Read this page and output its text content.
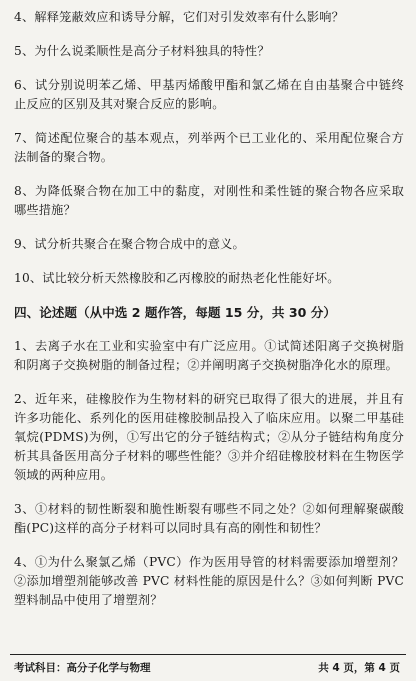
4、解释笼蔽效应和诱导分解，它们对引发效率有什么影响？

5、为什么说柔顺性是高分子材料独具的特性？

6、试分别说明苯乙烯、甲基丙烯酸甲酯和氯乙烯在自由基聚合中链终止反应的区别及其对聚合反应的影响。

7、简述配位聚合的基本观点，列举两个已工业化的、采用配位聚合方法制备的聚合物。

8、为降低聚合物在加工中的黏度，对刚性和柔性链的聚合物各应采取哪些措施？

9、试分析共聚合在聚合物合成中的意义。

10、试比较分析天然橡胶和乙丙橡胶的耐热老化性能好坏。

四、论述题（从中选 2 题作答，每题 15 分，共 30 分）

1、去离子水在工业和实验室中有广泛应用。①试简述阳离子交换树脂和阴离子交换树脂的制备过程；②并阐明离子交换树脂净化水的原理。

2、近年来，硅橡胶作为生物材料的研究已取得了很大的进展，并且有许多功能化、系列化的医用硅橡胶制品投入了临床应用。以聚二甲基硅氧烷(PDMS)为例，①写出它的分子链结构式；②从分子链结构角度分析其具备医用高分子材料的哪些性能？③并介绍硅橡胶材料在生物医学领域的两种应用。

3、①材料的韧性断裂和脆性断裂有哪些不同之处？②如何理解聚碳酸酯(PC)这样的高分子材料可以同时具有高的刚性和韧性？

4、①为什么聚氯乙烯（PVC）作为医用导管的材料需要添加增塑剂？②添加增塑剂能够改善 PVC 材料性能的原因是什么？③如何判断 PVC 塑料制品中使用了增塑剂？

考试科目：高分子化学与物理	共 4 页，第 4 页
